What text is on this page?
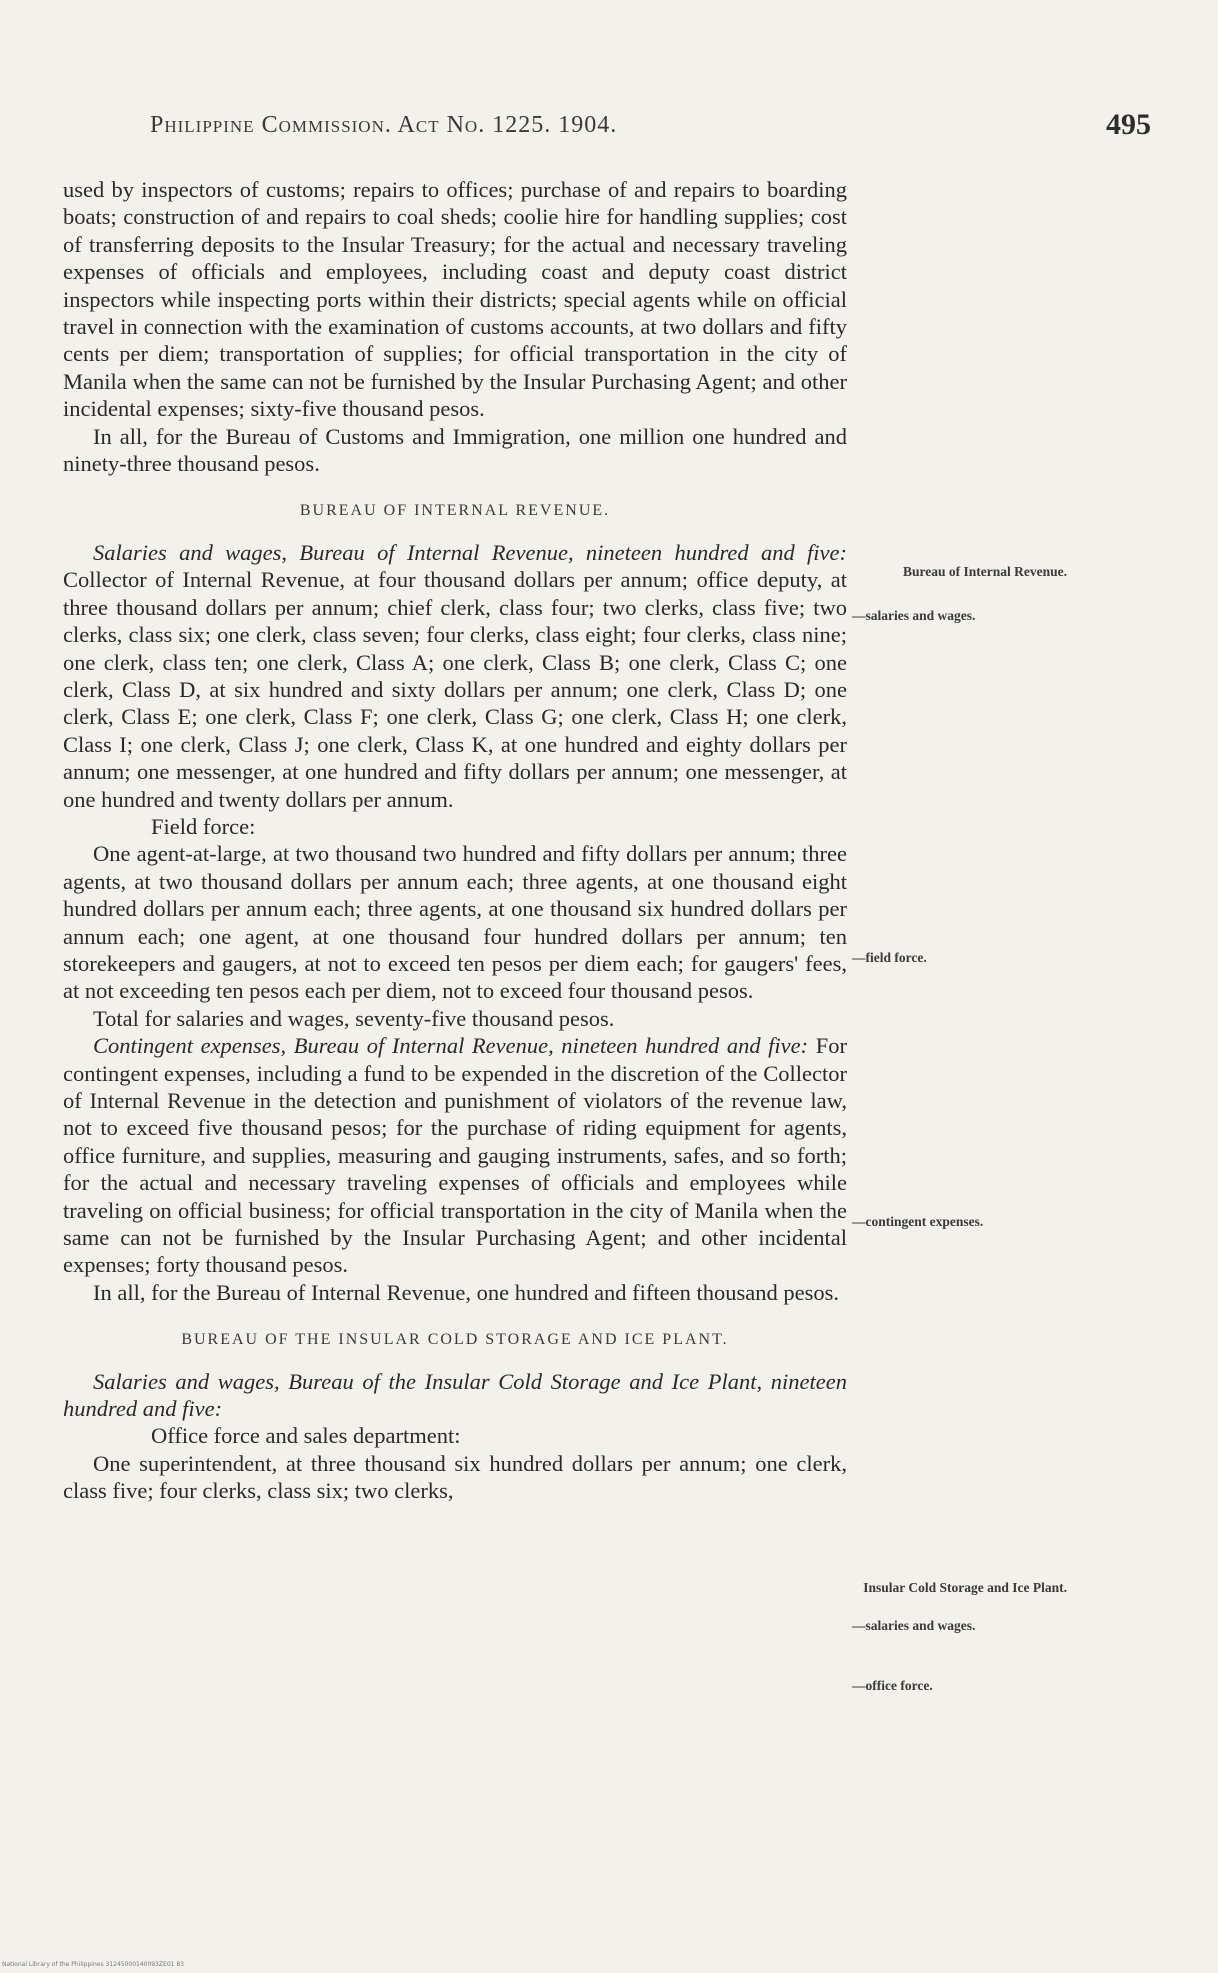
Philippine Commission. Act No. 1225. 1904.	495

used by inspectors of customs; repairs to offices; purchase of and repairs to boarding boats; construction of and repairs to coal sheds; coolie hire for handling supplies; cost of transferring deposits to the Insular Treasury; for the actual and necessary traveling expenses of officials and employees, including coast and deputy coast district inspectors while inspecting ports within their districts; special agents while on official travel in connection with the examination of customs accounts, at two dollars and fifty cents per diem; transportation of supplies; for official transportation in the city of Manila when the same can not be furnished by the Insular Purchasing Agent; and other incidental expenses; sixty-five thousand pesos.

In all, for the Bureau of Customs and Immigration, one million one hundred and ninety-three thousand pesos.

BUREAU OF INTERNAL REVENUE.

Salaries and wages, Bureau of Internal Revenue, nineteen hundred and five: Collector of Internal Revenue, at four thousand dollars per annum; office deputy, at three thousand dollars per annum; chief clerk, class four; two clerks, class five; two clerks, class six; one clerk, class seven; four clerks, class eight; four clerks, class nine; one clerk, class ten; one clerk, Class A; one clerk, Class B; one clerk, Class C; one clerk, Class D, at six hundred and sixty dollars per annum; one clerk, Class D; one clerk, Class E; one clerk, Class F; one clerk, Class G; one clerk, Class H; one clerk, Class I; one clerk, Class J; one clerk, Class K, at one hundred and eighty dollars per annum; one messenger, at one hundred and fifty dollars per annum; one messenger, at one hundred and twenty dollars per annum.

Field force:

One agent-at-large, at two thousand two hundred and fifty dollars per annum; three agents, at two thousand dollars per annum each; three agents, at one thousand eight hundred dollars per annum each; three agents, at one thousand six hundred dollars per annum each; one agent, at one thousand four hundred dollars per annum; ten storekeepers and gaugers, at not to exceed ten pesos per diem each; for gaugers' fees, at not exceeding ten pesos each per diem, not to exceed four thousand pesos.

Total for salaries and wages, seventy-five thousand pesos.

Contingent expenses, Bureau of Internal Revenue, nineteen hundred and five: For contingent expenses, including a fund to be expended in the discretion of the Collector of Internal Revenue in the detection and punishment of violators of the revenue law, not to exceed five thousand pesos; for the purchase of riding equipment for agents, office furniture, and supplies, measuring and gauging instruments, safes, and so forth; for the actual and necessary traveling expenses of officials and employees while traveling on official business; for official transportation in the city of Manila when the same can not be furnished by the Insular Purchasing Agent; and other incidental expenses; forty thousand pesos.

In all, for the Bureau of Internal Revenue, one hundred and fifteen thousand pesos.

BUREAU OF THE INSULAR COLD STORAGE AND ICE PLANT.

Salaries and wages, Bureau of the Insular Cold Storage and Ice Plant, nineteen hundred and five:

Office force and sales department:

One superintendent, at three thousand six hundred dollars per annum; one clerk, class five; four clerks, class six; two clerks,

Bureau of Internal Revenue.
—salaries and wages.
—field force.
—contingent expenses.
Insular Cold Storage and Ice Plant.
—salaries and wages.
—office force.
National Library of the Philippines 31245000140093ZE01 83
